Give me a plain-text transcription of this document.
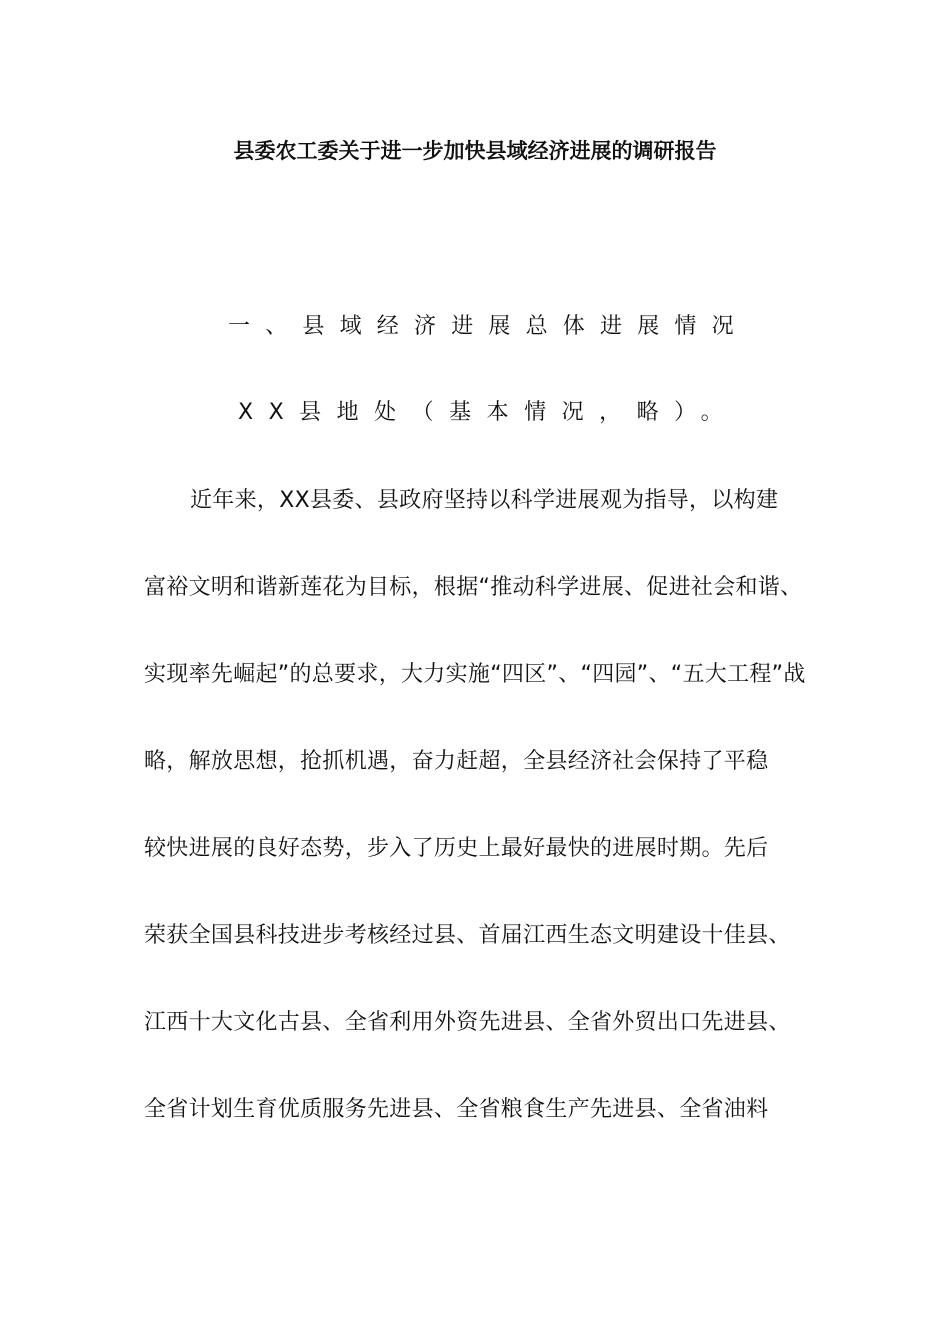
县委农工委关于进一步加快县域经济进展的调研报告
一、县域经济进展总体进展情况
XX县地处（基本情况，略）。
近年来，XX县委、县政府坚持以科学进展观为指导，以构建
富裕文明和谐新莲花为目标，根据“推动科学进展、促进社会和谐、
实现率先崛起”的总要求，大力实施“四区”、“四园”、“五大工程”战
略，解放思想，抢抓机遇，奋力赶超，全县经济社会保持了平稳
较快进展的良好态势，步入了历史上最好最快的进展时期。先后
荣获全国县科技进步考核经过县、首届江西生态文明建设十佳县、
江西十大文化古县、全省利用外资先进县、全省外贸出口先进县、
全省计划生育优质服务先进县、全省粮食生产先进县、全省油料
